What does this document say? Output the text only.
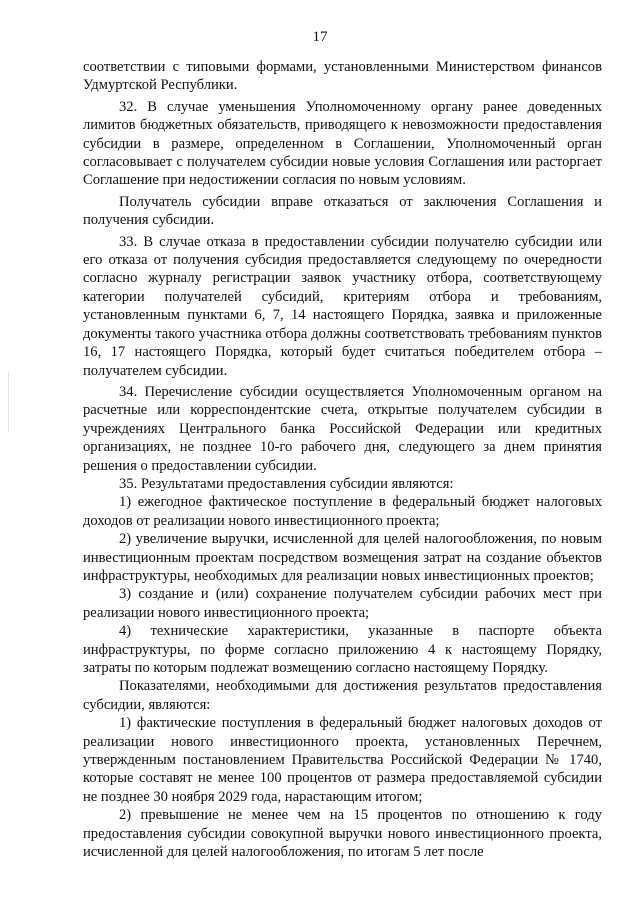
17

соответствии с типовыми формами, установленными Министерством финансов Удмуртской Республики.

32. В случае уменьшения Уполномоченному органу ранее доведенных лимитов бюджетных обязательств, приводящего к невозможности предоставления субсидии в размере, определенном в Соглашении, Уполномоченный орган согласовывает с получателем субсидии новые условия Соглашения или расторгает Соглашение при недостижении согласия по новым условиям.

Получатель субсидии вправе отказаться от заключения Соглашения и получения субсидии.

33. В случае отказа в предоставлении субсидии получателю субсидии или его отказа от получения субсидия предоставляется следующему по очередности согласно журналу регистрации заявок участнику отбора, соответствующему категории получателей субсидий, критериям отбора и требованиям, установленным пунктами 6, 7, 14 настоящего Порядка, заявка и приложенные документы такого участника отбора должны соответствовать требованиям пунктов 16, 17 настоящего Порядка, который будет считаться победителем отбора – получателем субсидии.

34. Перечисление субсидии осуществляется Уполномоченным органом на расчетные или корреспондентские счета, открытые получателем субсидии в учреждениях Центрального банка Российской Федерации или кредитных организациях, не позднее 10-го рабочего дня, следующего за днем принятия решения о предоставлении субсидии.

35. Результатами предоставления субсидии являются:

1) ежегодное фактическое поступление в федеральный бюджет налоговых доходов от реализации нового инвестиционного проекта;

2) увеличение выручки, исчисленной для целей налогообложения, по новым инвестиционным проектам посредством возмещения затрат на создание объектов инфраструктуры, необходимых для реализации новых инвестиционных проектов;

3) создание и (или) сохранение получателем субсидии рабочих мест при реализации нового инвестиционного проекта;

4) технические характеристики, указанные в паспорте объекта инфраструктуры, по форме согласно приложению 4 к настоящему Порядку, затраты по которым подлежат возмещению согласно настоящему Порядку.

Показателями, необходимыми для достижения результатов предоставления субсидии, являются:

1) фактические поступления в федеральный бюджет налоговых доходов от реализации нового инвестиционного проекта, установленных Перечнем, утвержденным постановлением Правительства Российской Федерации № 1740, которые составят не менее 100 процентов от размера предоставляемой субсидии не позднее 30 ноября 2029 года, нарастающим итогом;

2) превышение не менее чем на 15 процентов по отношению к году предоставления субсидии совокупной выручки нового инвестиционного проекта, исчисленной для целей налогообложения, по итогам 5 лет после
